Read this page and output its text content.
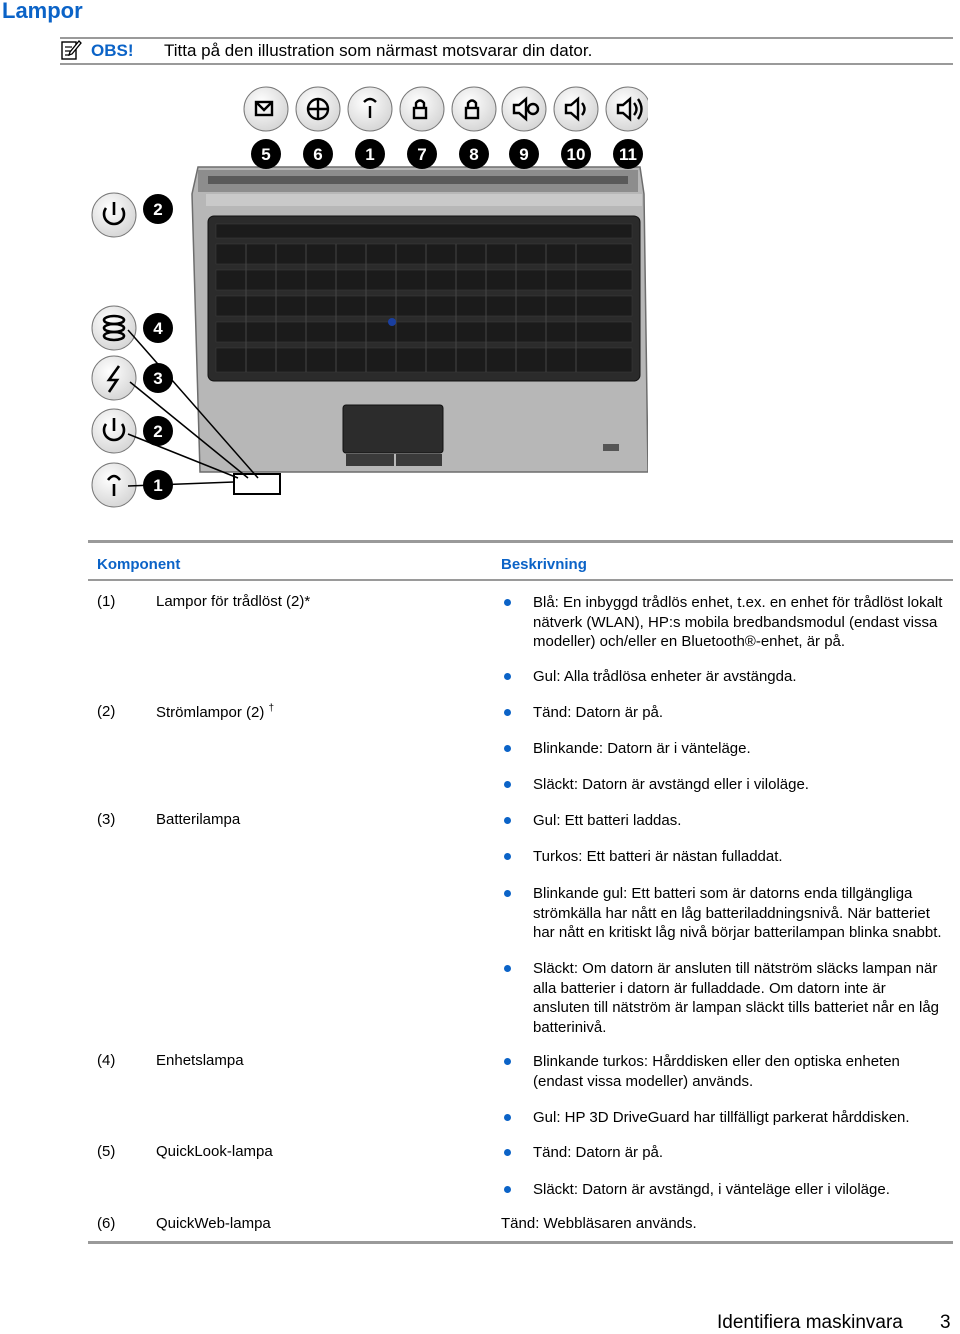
Lampor
OBS! Titta på den illustration som närmast motsvarar din dator.
5	6	1	7	8 9 10 11
2
4
3
2
1
Komponent	Beskrivning
(1)	Lampor för trådlöst (2)*	Blå: En inbyggd trådlös enhet, t.ex. en enhet för trådlöst lokalt nätverk (WLAN), HP:s mobila bredbandsmodul (endast vissa modeller) och/eller en Bluetooth®-enhet, är på.
Gul: Alla trådlösa enheter är avstängda.
(2)	Strömlampor (2) †	Tänd: Datorn är på.
Blinkande: Datorn är i vänteläge.
Släckt: Datorn är avstängd eller i viloläge.
(3)	Batterilampa	Gul: Ett batteri laddas.
Turkos: Ett batteri är nästan fulladdat.
Blinkande gul: Ett batteri som är datorns enda tillgängliga strömkälla har nått en låg batteriladdningsnivå. När batteriet har nått en kritiskt låg nivå börjar batterilampan blinka snabbt.
Släckt: Om datorn är ansluten till nätström släcks lampan när alla batterier i datorn är fulladdade. Om datorn inte är ansluten till nätström är lampan släckt tills batteriet når en låg batterinivå.
(4)	Enhetslampa	Blinkande turkos: Hårddisken eller den optiska enheten (endast vissa modeller) används.
Gul: HP 3D DriveGuard har tillfälligt parkerat hårddisken.
(5)	QuickLook-lampa	Tänd: Datorn är på.
Släckt: Datorn är avstängd, i vänteläge eller i viloläge.
(6)	QuickWeb-lampa	Tänd: Webbläsaren används.
Identifiera maskinvara 3
